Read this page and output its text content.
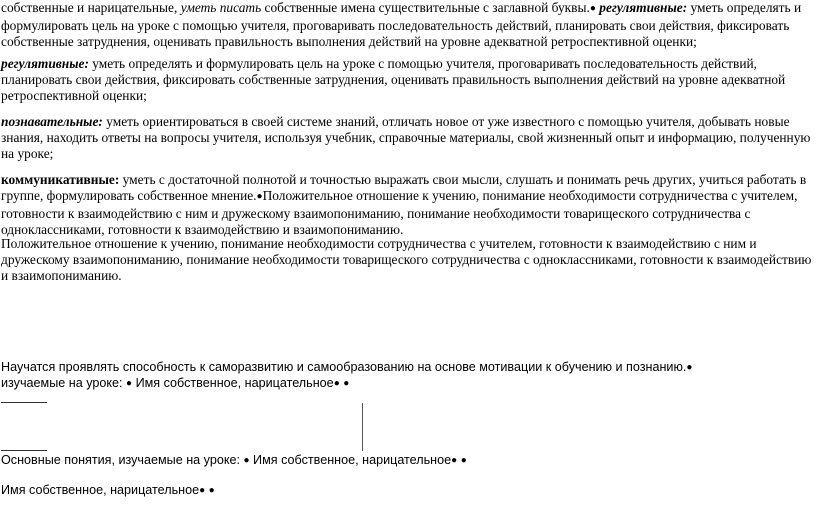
собственные и нарицательные, уметь писать собственные имена существительные с заглавной буквы.● регулятивные: уметь определять и формулировать цель на уроке с помощью учителя, проговаривать последовательность действий, планировать свои действия, фиксировать собственные затруднения, оценивать правильность выполнения действий на уровне адекватной ретроспективной оценки;
регулятивные: уметь определять и формулировать цель на уроке с помощью учителя, проговаривать последовательность действий, планировать свои действия, фиксировать собственные затруднения, оценивать правильность выполнения действий на уровне адекватной ретроспективной оценки;
познавательные: уметь ориентироваться в своей системе знаний, отличать новое от уже известного с помощью учителя, добывать новые знания, находить ответы на вопросы учителя, используя учебник, справочные материалы, свой жизненный опыт и информацию, полученную на уроке;
коммуникативные: уметь с достаточной полнотой и точностью выражать свои мысли, слушать и понимать речь других, учиться работать в группе, формулировать собственное мнение.●Положительное отношение к учению, понимание необходимости сотрудничества с учителем, готовности к взаимодействию с ним и дружескому взаимопониманию, понимание необходимости товарищеского сотрудничества с одноклассниками, готовности к взаимодействию и взаимопониманию.
Положительное отношение к учению, понимание необходимости сотрудничества с учителем, готовности к взаимодействию с ним и дружескому взаимопониманию, понимание необходимости товарищеского сотрудничества с одноклассниками, готовности к взаимодействию и взаимопониманию.
Научатся проявлять способность к саморазвитию и самообразованию на основе мотивации к обучению и познанию.●
изучаемые на уроке: ● Имя собственное, нарицательное● ●
Основные понятия, изучаемые на уроке: ● Имя собственное, нарицательное● ●
Имя собственное, нарицательное● ●
